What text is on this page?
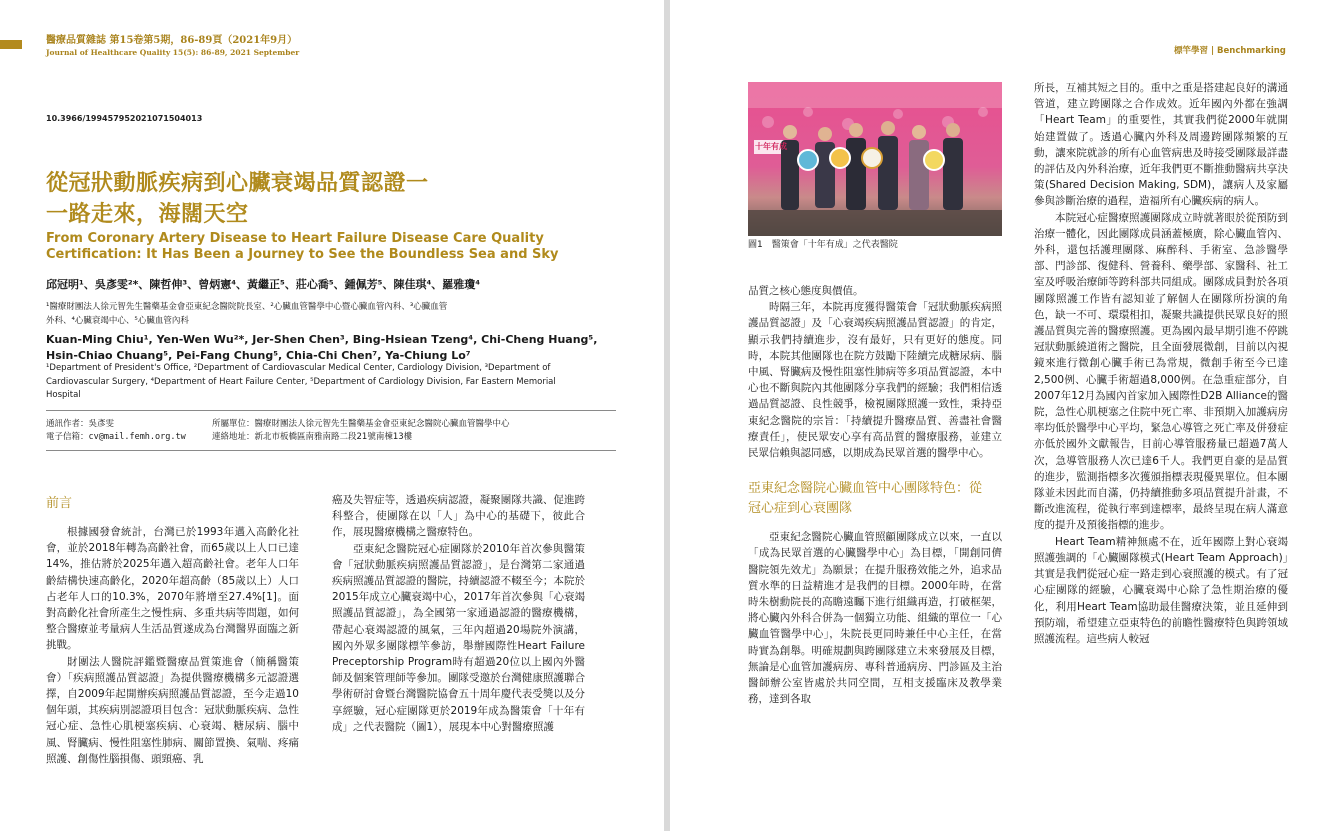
醫療品質雜誌 第15卷第5期，86-89頁（2021年9月）
Journal of Healthcare Quality 15(5): 86-89, 2021 September
10.3966/199457952021071504013
從冠狀動脈疾病到心臟衰竭品質認證一
一路走來，海闊天空
From Coronary Artery Disease to Heart Failure Disease Care Quality
Certification: It Has Been a Journey to See the Boundless Sea and Sky
邱冠明¹、吳彥雯²*、陳哲伸³、曾炳憲⁴、黃繼正⁵、莊心喬⁵、鍾佩芳⁵、陳佳琪⁴、羅雅瓊⁴
¹醫療財團法人徐元智先生醫藥基金會亞東紀念醫院院長室、²心臟血管醫學中心暨心臟血管內科、³心臟血管
外科、⁴心臟衰竭中心、⁵心臟血管內科
Kuan-Ming Chiu¹, Yen-Wen Wu²*, Jer-Shen Chen³, Bing-Hsiean Tzeng⁴, Chi-Cheng Huang⁵,
Hsin-Chiao Chuang⁵, Pei-Fang Chung⁵, Chia-Chi Chen⁷, Ya-Chiung Lo⁷
¹Department of President's Office, ²Department of Cardiovascular Medical Center, Cardiology Division, ³Department of
Cardiovascular Surgery, ⁴Department of Heart Failure Center, ⁵Department of Cardiology Division, Far Eastern Memorial
Hospital
通訊作者：吳彥雯	所屬單位：醫療財團法人徐元智先生醫藥基金會亞東紀念醫院心臟血管醫學中心
電子信箱：cv@mail.femh.org.tw	連絡地址：新北市板橋區南雅南路二段21號南棟13樓
前言

根據國發會統計，台灣已於1993年邁入高齡化社會，並於2018年轉為高齡社會，而65歲以上人口已達14%，推估將於2025年邁入超高齡社會。老年人口年齡結構快速高齡化，2020年超高齡（85歲以上）人口占老年人口的10.3%，2070年將增至27.4%[1]。面對高齡化社會所產生之慢性病、多重共病等問題，如何整合醫療並考量病人生活品質遂成為台灣醫界面臨之新挑戰。

財團法人醫院評鑑暨醫療品質策進會（簡稱醫策會）「疾病照護品質認證」為提供醫療機構多元認證選擇，自2009年起開辦疾病照護品質認證，至今走過10個年頭，其疾病別認證項目包含：冠狀動脈疾病、急性冠心症、急性心肌梗塞疾病、心衰竭、糖尿病、腦中風、腎臟病、慢性阻塞性肺病、關節置換、氣喘、疼痛照護、創傷性腦損傷、頭頸癌、乳

癌及失智症等，透過疾病認證，凝聚團隊共識、促進跨科整合，使團隊在以「人」為中心的基礎下，彼此合作，展現醫療機構之醫療特色。

亞東紀念醫院冠心症團隊於2010年首次參與醫策會「冠狀動脈疾病照護品質認證」，是台灣第二家通過疾病照護品質認證的醫院，持續認證不輟至今；本院於2015年成立心臟衰竭中心，2017年首次參與「心衰竭照護品質認證」，為全國第一家通過認證的醫療機構，帶起心衰竭認證的風氣，三年內超過20場院外演講，國內外眾多團隊標竿參訪，舉辦國際性Heart Failure Preceptorship Program時有超過20位以上國內外醫師及個案管理師等參加。團隊受邀於台灣健康照護聯合學術研討會暨台灣醫院協會五十周年慶代表受獎以及分享經驗，冠心症團隊更於2019年成為醫策會「十年有成」之代表醫院（圖1），展現本中心對醫療照護

標竿學習 | Benchmarking
十年有成
圖1　醫策會「十年有成」之代表醫院

品質之核心態度與價值。

時隔三年，本院再度獲得醫策會「冠狀動脈疾病照護品質認證」及「心衰竭疾病照護品質認證」的肯定，顯示我們持續進步，沒有最好，只有更好的態度。同時，本院其他團隊也在院方鼓勵下陸續完成糖尿病、腦中風、腎臟病及慢性阻塞性肺病等多項品質認證，本中心也不斷與院內其他團隊分享我們的經驗；我們相信透過品質認證、良性競爭，檢視團隊照護一致性，秉持亞東紀念醫院的宗旨：「持續提升醫療品質、善盡社會醫療責任」，使民眾安心享有高品質的醫療服務，並建立民眾信賴與認同感，以期成為民眾首選的醫學中心。

亞東紀念醫院心臟血管中心團隊特色：從
冠心症到心衰團隊

亞東紀念醫院心臟血管照顧團隊成立以來，一直以「成為民眾首選的心臟醫學中心」為目標，「開創同儕醫院領先效尤」為願景；在提升服務效能之外，追求品質水準的日益精進才是我們的目標。2000年時，在當時朱樹勳院長的高瞻遠矚下進行組織再造，打破框架，將心臟內外科合併為一個獨立功能、組織的單位一「心臟血管醫學中心」，朱院長更同時兼任中心主任，在當時實為創舉。明確規劃與跨團隊建立未來發展及目標，無論是心血管加護病房、專科普通病房、門診區及主治醫師辦公室皆處於共同空間，互相支援臨床及教學業務，達到各取

所長，互補其短之目的。重中之重是搭建起良好的溝通管道，建立跨團隊之合作成效。近年國內外都在強調「Heart Team」的重要性，其實我們從2000年就開始建置做了。透過心臟內外科及周邊跨團隊頻繁的互動，讓來院就診的所有心血管病患及時接受團隊最詳盡的評估及內外科治療，近年我們更不斷推動醫病共享決策(Shared Decision Making, SDM)，讓病人及家屬參與診斷治療的過程，造福所有心臟疾病的病人。

本院冠心症醫療照護團隊成立時就著眼於從預防到治療一體化，因此團隊成員涵蓋極廣，除心臟血管內、外科，還包括護理團隊、麻醉科、手術室、急診醫學部、門診部、復健科、營養科、藥學部、家醫科、社工室及呼吸治療師等跨科部共同組成。團隊成員對於各項團隊照護工作皆有認知並了解個人在團隊所扮演的角色，缺一不可、環環相扣，凝聚共識提供民眾良好的照護品質與完善的醫療照護。更為國內最早期引進不停跳冠狀動脈繞道術之醫院，且全面發展微創，目前以內視鏡來進行微創心臟手術已為常規，微創手術至今已達2,500例、心臟手術超過8,000例。在急重症部分，自2007年12月為國內首家加入國際性D2B Alliance的醫院，急性心肌梗塞之住院中死亡率、非預期入加護病房率均低於醫學中心平均，緊急心導管之死亡率及併發症亦低於國外文獻報告，目前心導管服務量已超過7萬人次，急導管服務人次已達6千人。我們更自豪的是品質的進步，監測指標多次獲頒指標表現優異單位。但本團隊並未因此而自滿，仍持續推動多項品質提升計畫，不斷改進流程，從執行率到達標率，最終呈現在病人滿意度的提升及預後指標的進步。

Heart Team精神無處不在，近年國際上對心衰竭照護強調的「心臟團隊模式(Heart Team Approach)」其實是我們從冠心症一路走到心衰照護的模式。有了冠心症團隊的經驗，心臟衰竭中心除了急性期治療的優化，利用Heart Team協助最佳醫療決策，並且延伸到預防端，希望建立亞東特色的前瞻性醫療特色與跨領域照護流程。這些病人較冠
